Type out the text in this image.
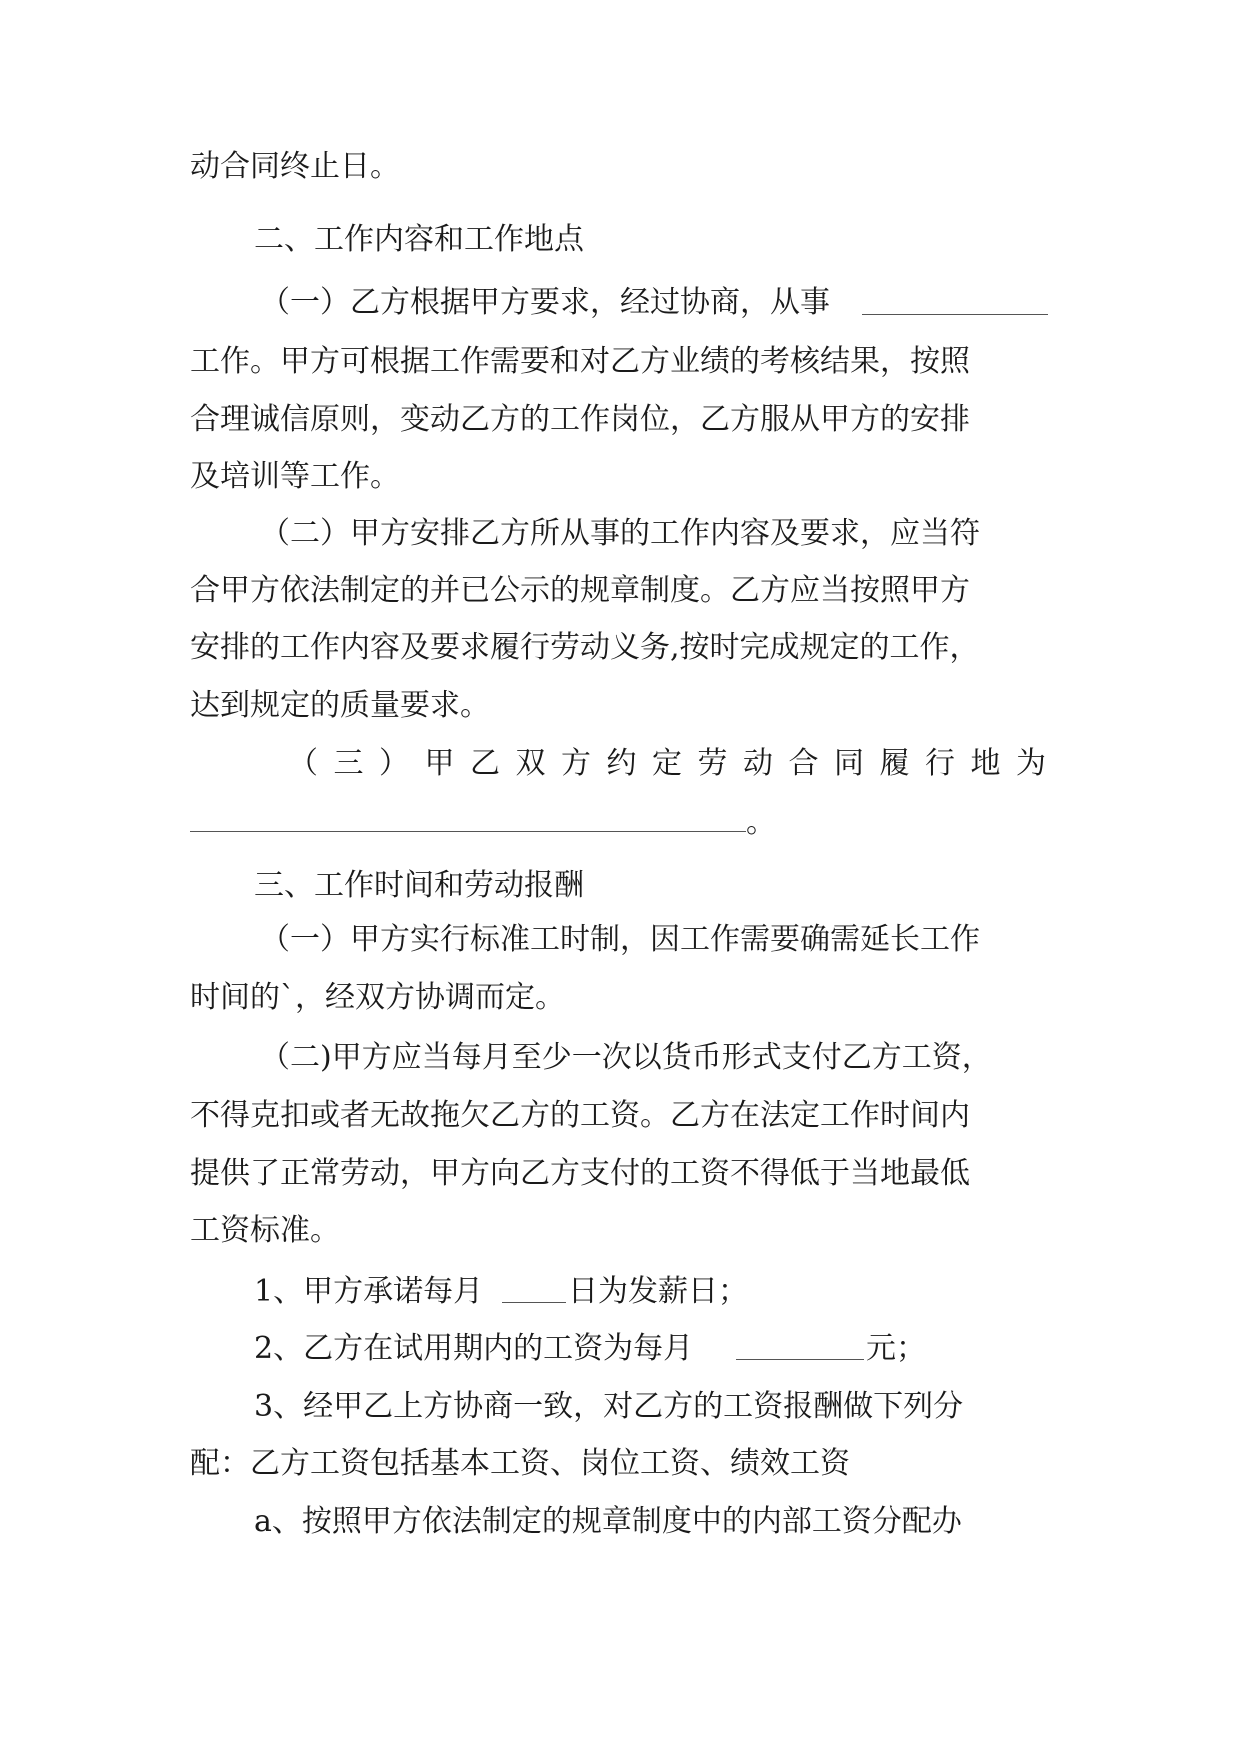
动合同终止日。
二、工作内容和工作地点
（一）乙方根据甲方要求，经过协商，从事
工作。甲方可根据工作需要和对乙方业绩的考核结果，按照
合理诚信原则，变动乙方的工作岗位，乙方服从甲方的安排
及培训等工作。
（二）甲方安排乙方所从事的工作内容及要求，应当符
合甲方依法制定的并已公示的规章制度。乙方应当按照甲方
安排的工作内容及要求履行劳动义务,按时完成规定的工作，
达到规定的质量要求。
（ 三 ） 甲 乙 双 方 约 定 劳 动 合 同 履 行 地 为
。
三、工作时间和劳动报酬
（一）甲方实行标准工时制，因工作需要确需延长工作
时间的`，经双方协调而定。
（二)甲方应当每月至少一次以货币形式支付乙方工资，
不得克扣或者无故拖欠乙方的工资。乙方在法定工作时间内
提供了正常劳动，甲方向乙方支付的工资不得低于当地最低
工资标准。
1、甲方承诺每月	日为发薪日；
2、乙方在试用期内的工资为每月	元；
3、经甲乙上方协商一致，对乙方的工资报酬做下列分
配：乙方工资包括基本工资、岗位工资、绩效工资
a、按照甲方依法制定的规章制度中的内部工资分配办
